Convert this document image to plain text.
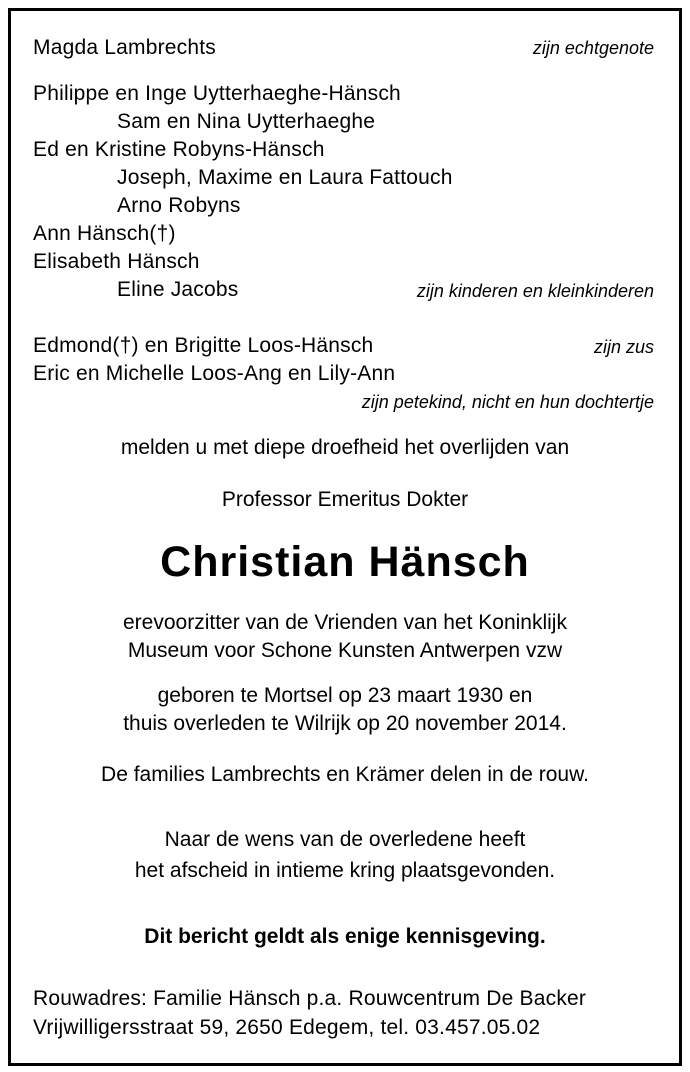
Magda Lambrechts	zijn echtgenote
Philippe en Inge Uytterhaeghe-Hänsch
Sam en Nina Uytterhaeghe
Ed en Kristine Robyns-Hänsch
Joseph, Maxime en Laura Fattouch
Arno Robyns
Ann Hänsch(†)
Elisabeth Hänsch
Eline Jacobs	zijn kinderen en kleinkinderen
Edmond(†) en Brigitte Loos-Hänsch	zijn zus
Eric en Michelle Loos-Ang en Lily-Ann
zijn petekind, nicht en hun dochtertje
melden u met diepe droefheid het overlijden van
Professor Emeritus Dokter
Christian Hänsch
erevoorzitter van de Vrienden van het Koninklijk
Museum voor Schone Kunsten Antwerpen vzw
geboren te Mortsel op 23 maart 1930 en
thuis overleden te Wilrijk op 20 november 2014.
De families Lambrechts en Krämer delen in de rouw.
Naar de wens van de overledene heeft
het afscheid in intieme kring plaatsgevonden.
Dit bericht geldt als enige kennisgeving.
Rouwadres: Familie Hänsch p.a. Rouwcentrum De Backer
Vrijwilligersstraat 59, 2650 Edegem, tel. 03.457.05.02
